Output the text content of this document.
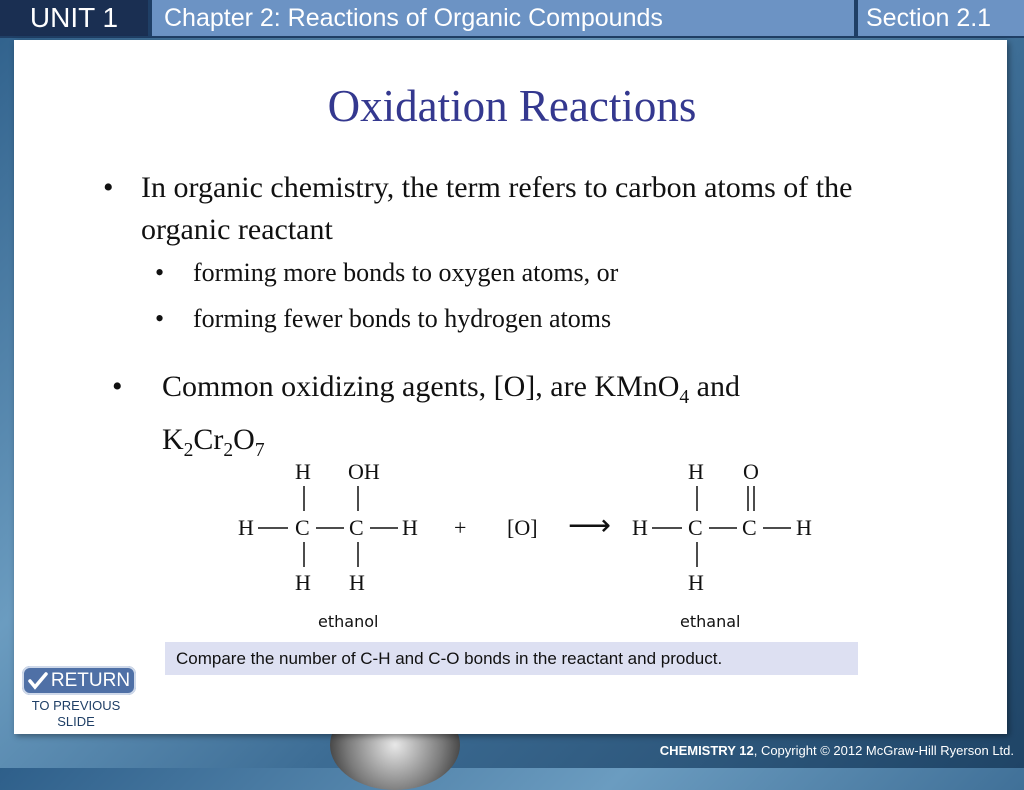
UNIT 1	Chapter 2: Reactions of Organic Compounds	Section 2.1
Oxidation Reactions
• In organic chemistry, the term refers to carbon atoms of the organic reactant
• forming more bonds to oxygen atoms, or
• forming fewer bonds to hydrogen atoms
• Common oxidizing agents, [O], are KMnO$_4$ and
$K_2Cr_2O_7$
H OH
H C C H
H H
+ [O] ⟶
H O
H C C H
H
ethanol	ethanal
Compare the number of C-H and C-O bonds in the reactant and product.
RETURN
TO PREVIOUS SLIDE
CHEMISTRY 12, Copyright © 2012 McGraw-Hill Ryerson Ltd.
